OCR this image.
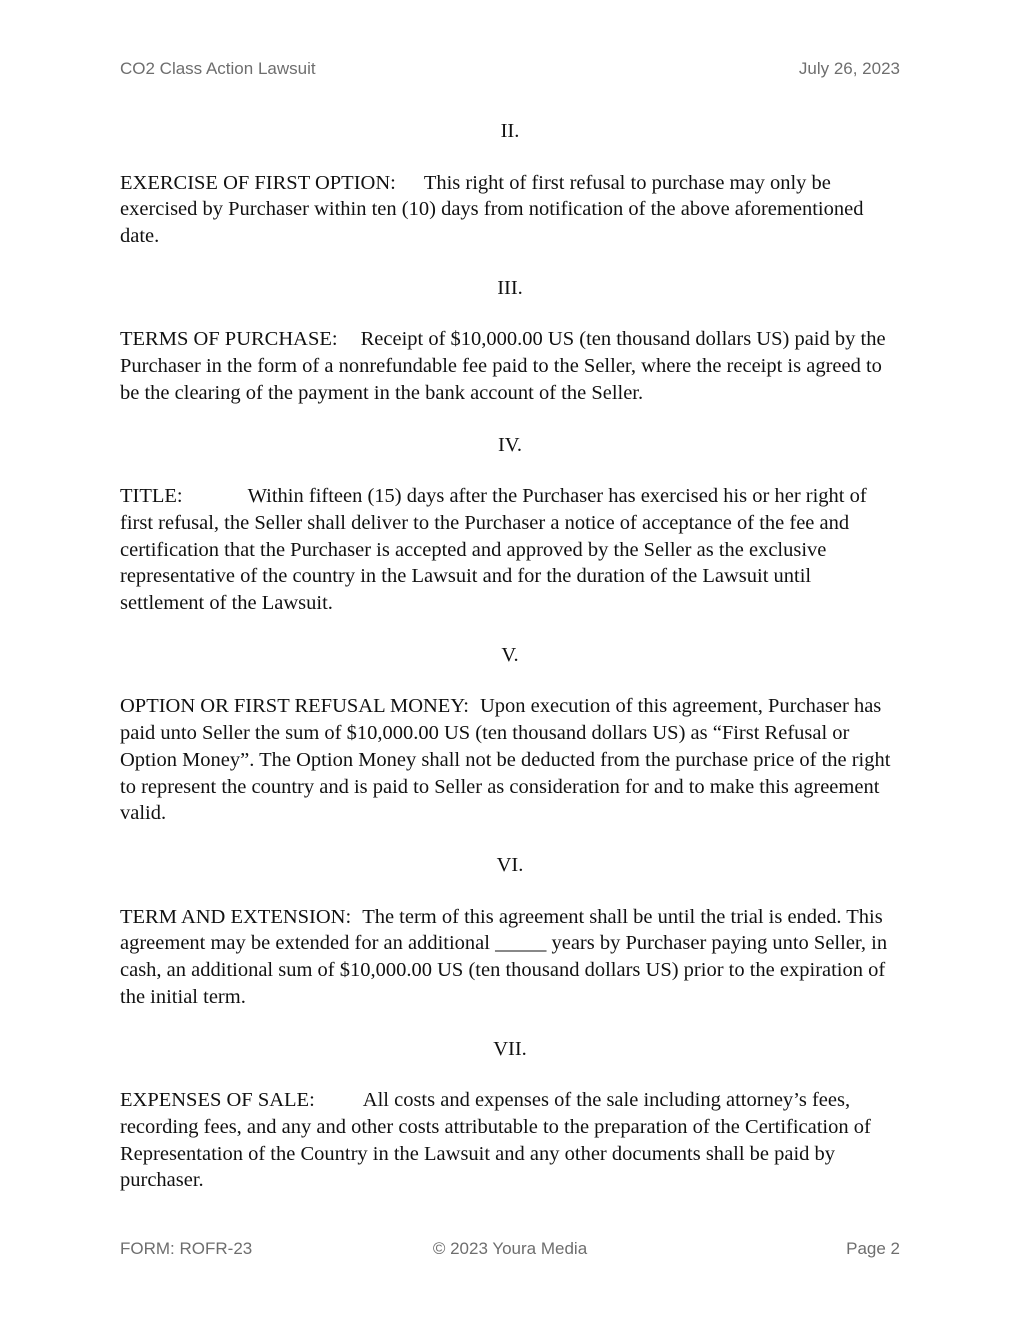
CO2 Class Action Lawsuit	July 26, 2023

II.

EXERCISE OF FIRST OPTION: This right of first refusal to purchase may only be exercised by Purchaser within ten (10) days from notification of the above aforementioned date.

III.

TERMS OF PURCHASE: Receipt of $10,000.00 US (ten thousand dollars US) paid by the Purchaser in the form of a nonrefundable fee paid to the Seller, where the receipt is agreed to be the clearing of the payment in the bank account of the Seller.

IV.

TITLE:	Within fifteen (15) days after the Purchaser has exercised his or her right of first refusal, the Seller shall deliver to the Purchaser a notice of acceptance of the fee and certification that the Purchaser is accepted and approved by the Seller as the exclusive representative of the country in the Lawsuit and for the duration of the Lawsuit until settlement of the Lawsuit.

V.

OPTION OR FIRST REFUSAL MONEY: Upon execution of this agreement, Purchaser has paid unto Seller the sum of $10,000.00 US (ten thousand dollars US) as “First Refusal or Option Money”. The Option Money shall not be deducted from the purchase price of the right to represent the country and is paid to Seller as consideration for and to make this agreement valid.

VI.

TERM AND EXTENSION: The term of this agreement shall be until the trial is ended. This agreement may be extended for an additional _____ years by Purchaser paying unto Seller, in cash, an additional sum of $10,000.00 US (ten thousand dollars US) prior to the expiration of the initial term.

VII.

EXPENSES OF SALE: All costs and expenses of the sale including attorney’s fees, recording fees, and any and other costs attributable to the preparation of the Certification of Representation of the Country in the Lawsuit and any other documents shall be paid by purchaser.

FORM: ROFR-23	© 2023 Youra Media	Page 2
